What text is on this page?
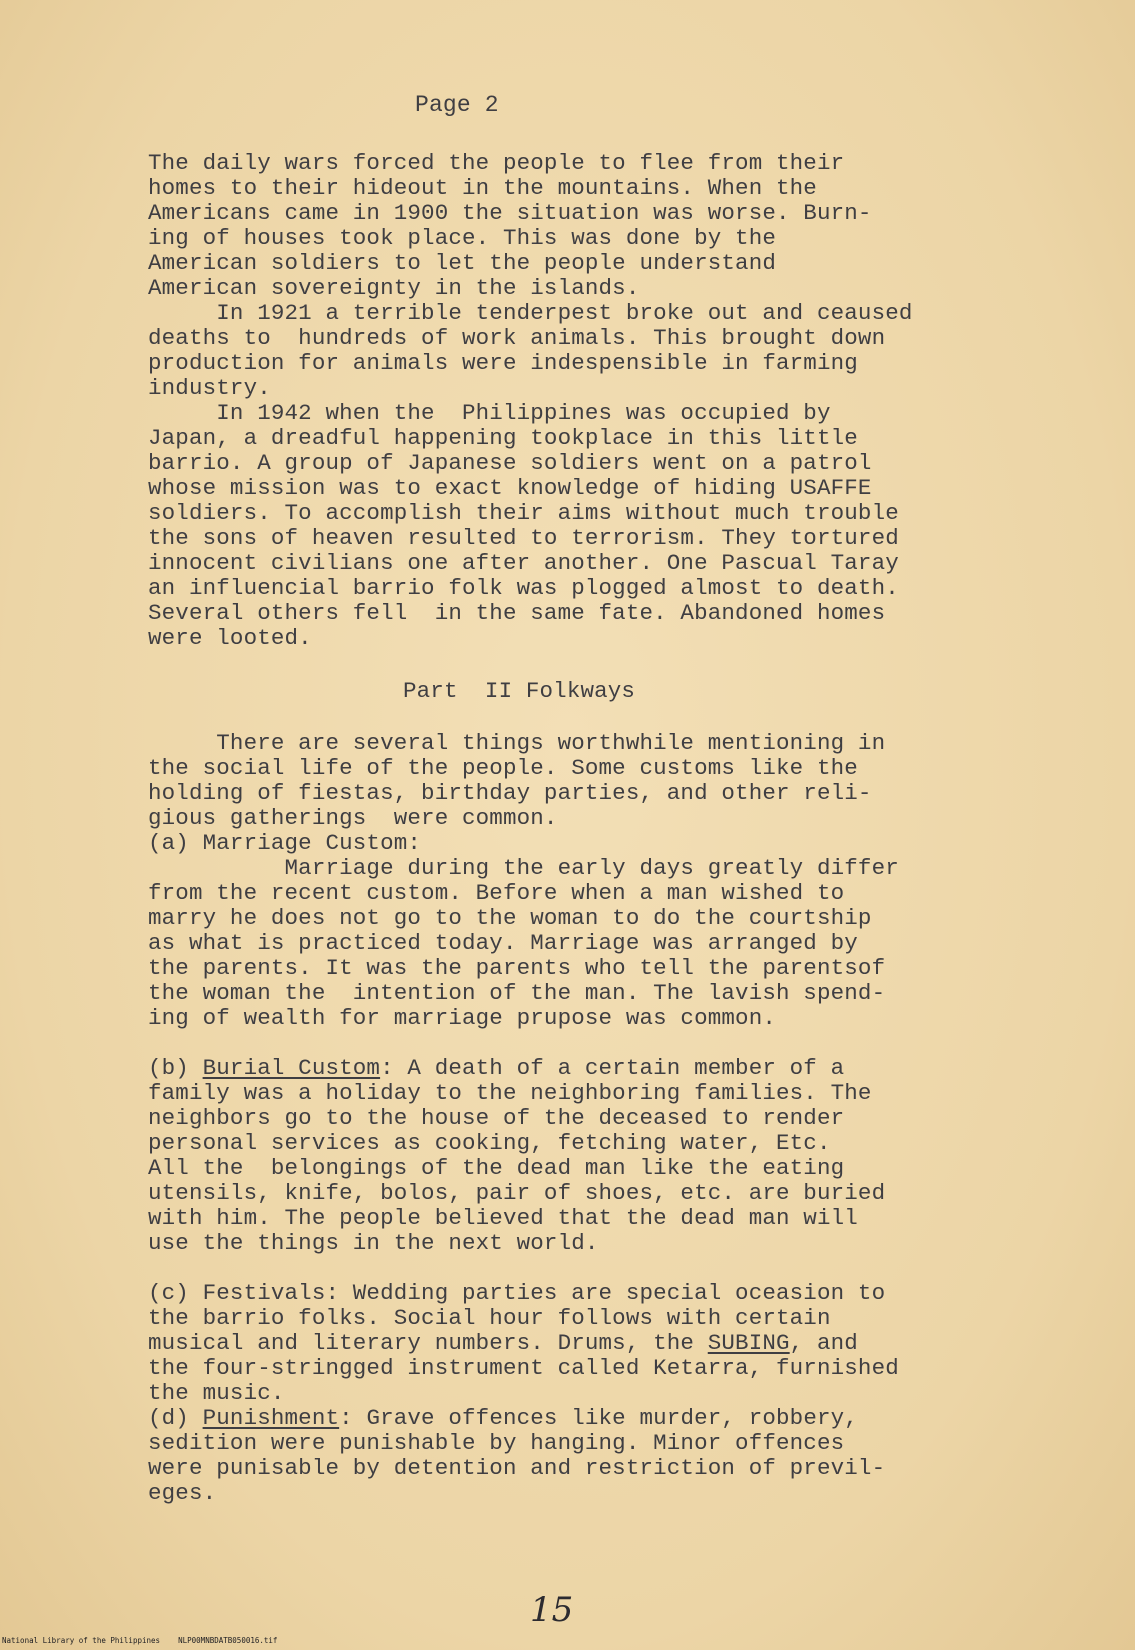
Page 2
The daily wars forced the people to flee from their
homes to their hideout in the mountains. When the
Americans came in 1900 the situation was worse. Burn-
ing of houses took place. This was done by the
American soldiers to let the people understand
American sovereignty in the islands.
In 1921 a terrible tenderpest broke out and ceaused
deaths to  hundreds of work animals. This brought down
production for animals were indespensible in farming
industry.
In 1942 when the  Philippines was occupied by
Japan, a dreadful happening tookplace in this little
barrio. A group of Japanese soldiers went on a patrol
whose mission was to exact knowledge of hiding USAFFE
soldiers. To accomplish their aims without much trouble
the sons of heaven resulted to terrorism. They tortured
innocent civilians one after another. One Pascual Taray
an influencial barrio folk was plogged almost to death.
Several others fell  in the same fate. Abandoned homes
were looted.
Part  II Folkways
There are several things worthwhile mentioning in
the social life of the people. Some customs like the
holding of fiestas, birthday parties, and other reli-
gious gatherings  were common.
(a) Marriage Custom:
Marriage during the early days greatly differ
from the recent custom. Before when a man wished to
marry he does not go to the woman to do the courtship
as what is practiced today. Marriage was arranged by
the parents. It was the parents who tell the parentsof
the woman the  intention of the man. The lavish spend-
ing of wealth for marriage prupose was common.
(b) Burial Custom: A death of a certain member of a
family was a holiday to the neighboring families. The
neighbors go to the house of the deceased to render
personal services as cooking, fetching water, Etc.
All the  belongings of the dead man like the eating
utensils, knife, bolos, pair of shoes, etc. are buried
with him. The people believed that the dead man will
use the things in the next world.
(c) Festivals: Wedding parties are special oceasion to
the barrio folks. Social hour follows with certain
musical and literary numbers. Drums, the SUBING, and
the four-stringged instrument called Ketarra, furnished
the music.
(d) Punishment: Grave offences like murder, robbery,
sedition were punishable by hanging. Minor offences
were punisable by detention and restriction of previl-
eges.
15
National Library of the Philippines    NLP00MNBDATB050016.tif
